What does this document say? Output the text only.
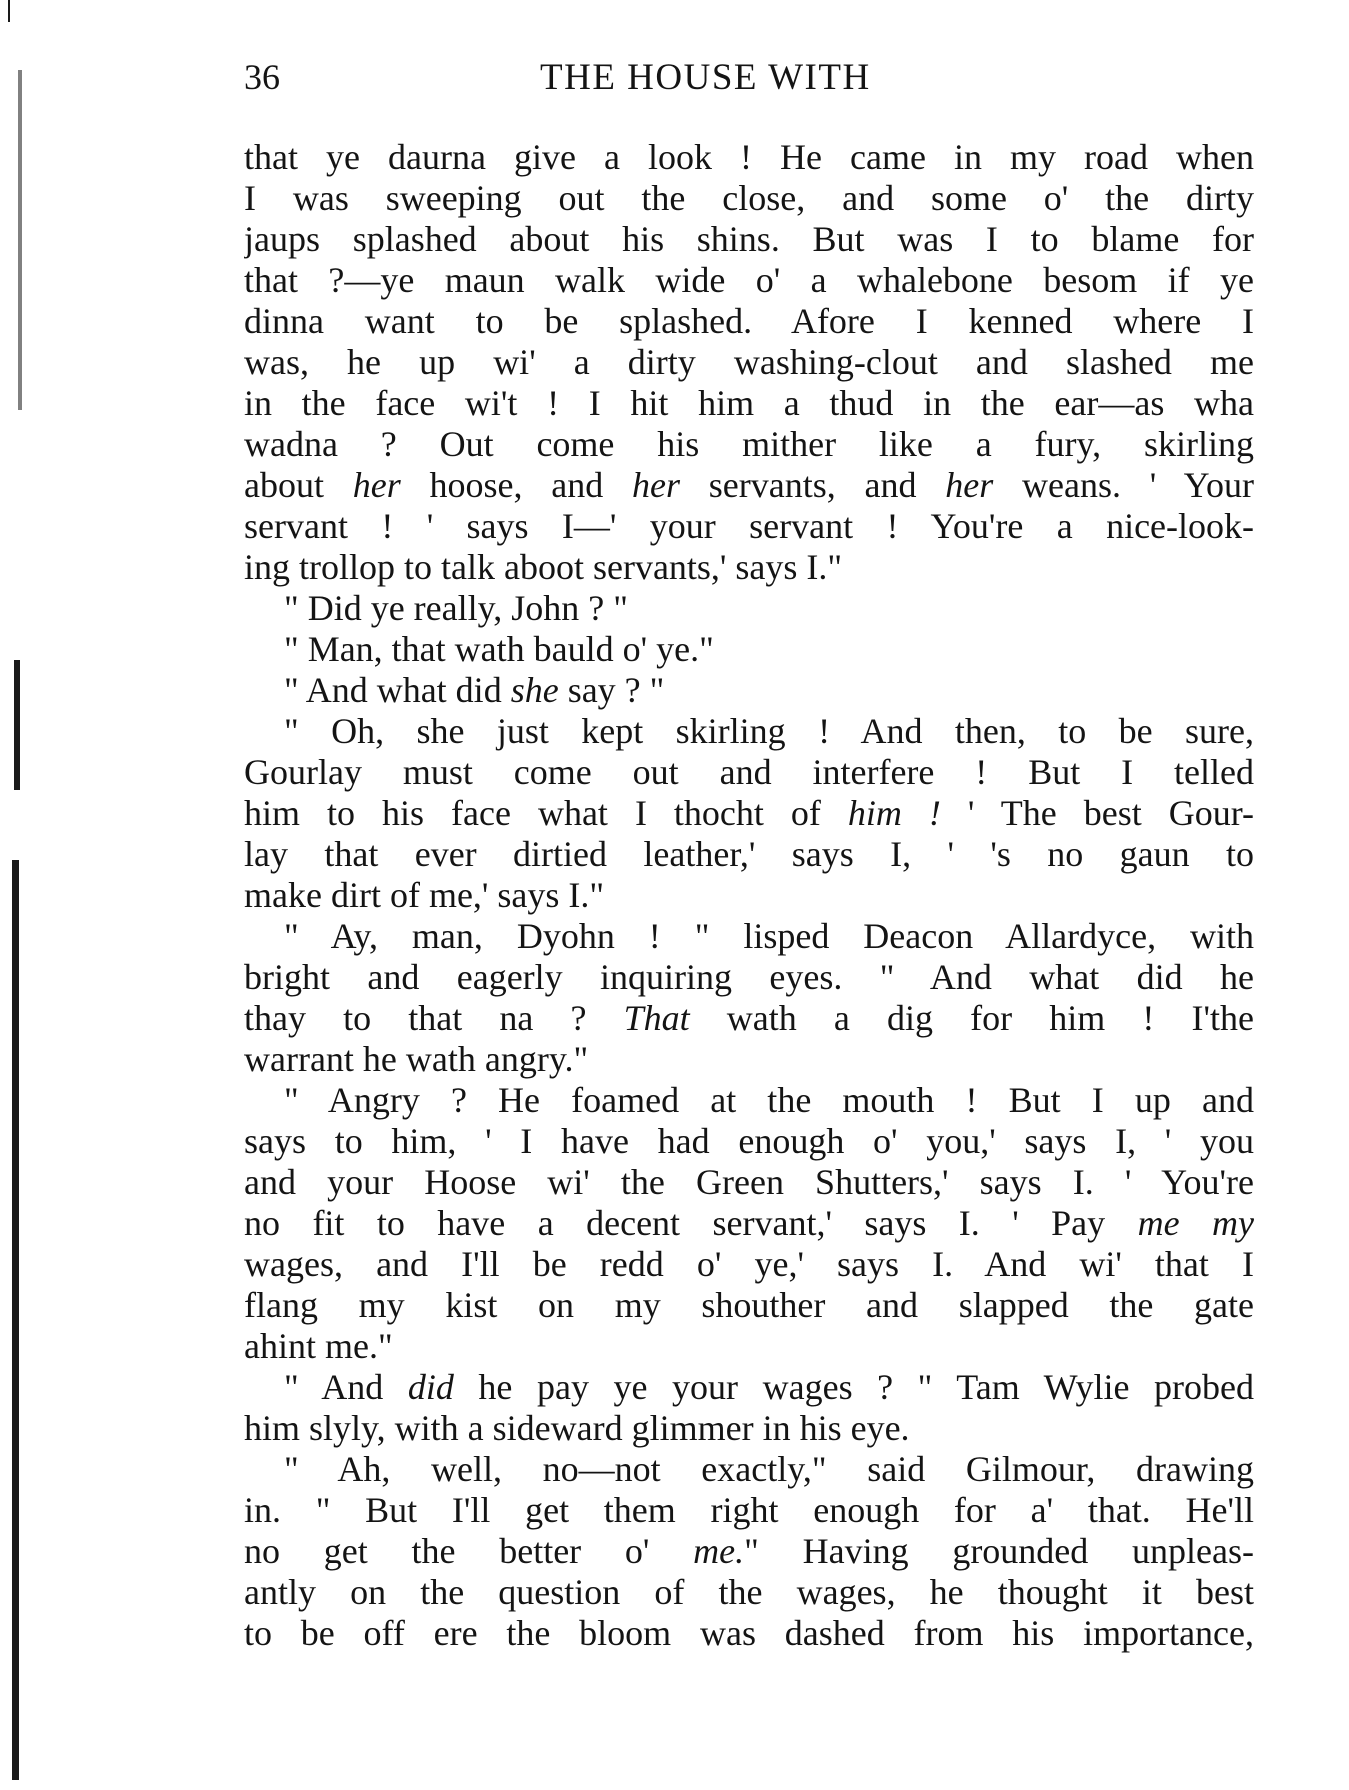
36	THE HOUSE WITH
that ye daurna give a look ! He came in my road when
I was sweeping out the close, and some o' the dirty
jaups splashed about his shins. But was I to blame for
that ?—ye maun walk wide o' a whalebone besom if ye
dinna want to be splashed. Afore I kenned where I
was, he up wi' a dirty washing-clout and slashed me
in the face wi't ! I hit him a thud in the ear—as wha
wadna ? Out come his mither like a fury, skirling
about her hoose, and her servants, and her weans. ' Your
servant ! ' says I—' your servant ! You're a nice-look-
ing trollop to talk aboot servants,' says I."
" Did ye really, John ? "
" Man, that wath bauld o' ye."
" And what did she say ? "
" Oh, she just kept skirling ! And then, to be sure,
Gourlay must come out and interfere ! But I telled
him to his face what I thocht of him ! ' The best Gour-
lay that ever dirtied leather,' says I, ' 's no gaun to
make dirt of me,' says I."
" Ay, man, Dyohn ! " lisped Deacon Allardyce, with
bright and eagerly inquiring eyes. " And what did he
thay to that na ? That wath a dig for him ! I'the
warrant he wath angry."
" Angry ? He foamed at the mouth ! But I up and
says to him, ' I have had enough o' you,' says I, ' you
and your Hoose wi' the Green Shutters,' says I. ' You're
no fit to have a decent servant,' says I. ' Pay me my
wages, and I'll be redd o' ye,' says I. And wi' that I
flang my kist on my shouther and slapped the gate
ahint me."
" And did he pay ye your wages ? " Tam Wylie probed
him slyly, with a sideward glimmer in his eye.
" Ah, well, no—not exactly," said Gilmour, drawing
in. " But I'll get them right enough for a' that. He'll
no get the better o' me." Having grounded unpleas-
antly on the question of the wages, he thought it best
to be off ere the bloom was dashed from his importance,
